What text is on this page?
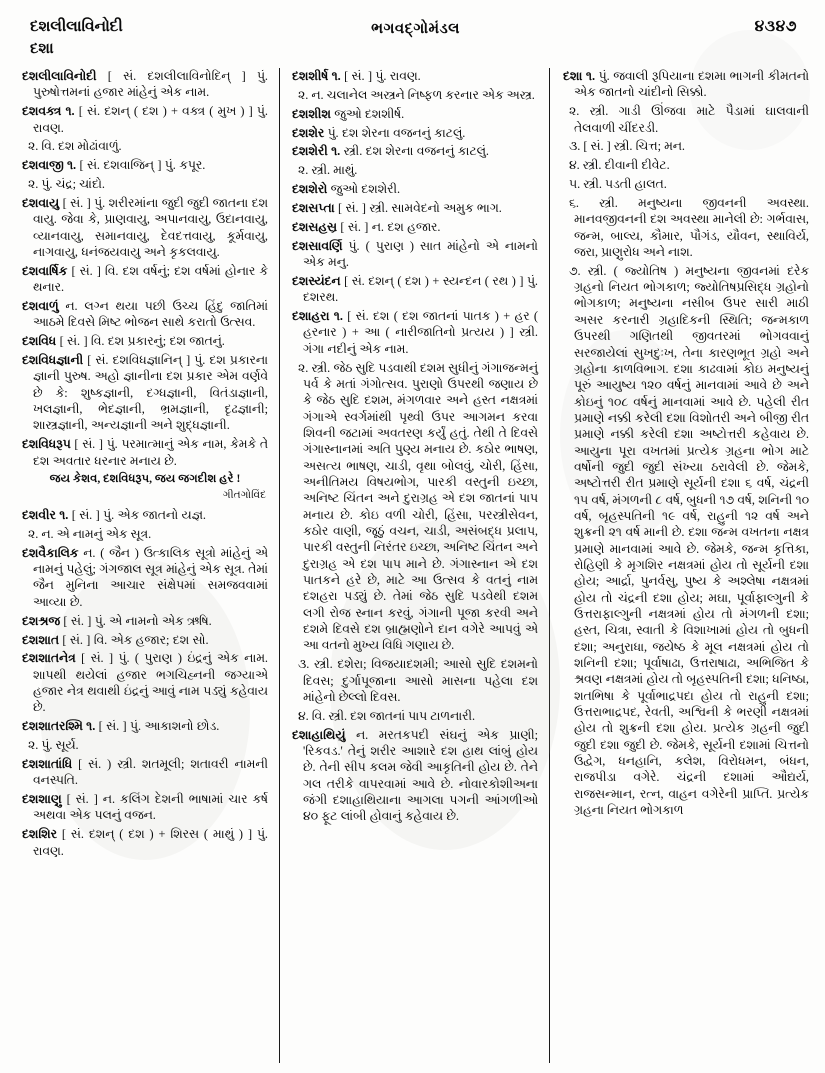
દશલીલાવિનોદી
દશા
ભગવદ્ગોમંડલ	૪૩૪૭

દશલીલાવિનોદી [ સં. દશલીલાવિનોદિન્ ] પું. પુરુષોત્તમનાં હજાર માંહેનું એક નામ.

દશવક્ત્ર ૧. [ સં. દશન્ ( દશ ) + વક્ત્ર ( મુખ ) ] પું. રાવણ.

૨. વિ. દશ મોઢાંવાળું.

દશવાજી ૧. [ સં. દશવાજિન્ ] પું. કપૂર.

૨. પું. ચંદ્ર; ચાંદો.

દશવાયુ [ સં. ] પું. શરીરમાંના જુદી જુદી જાતના દશ વાયુ. જેવા કે, પ્રાણવાયુ, અપાનવાયુ, ઉદાનવાયુ, વ્યાનવાયુ, સમાનવાયુ, દેવદત્તવાયુ, કૂર્મવાયુ, નાગવાયુ, ધનંજયવાયુ અને કૃકલવાયુ.

દશવાર્ષિક [ સં. ] વિ. દશ વર્ષનું; દશ વર્ષમાં હોનાર કે થનાર.

દશવાળું ન. લગ્ન થયા પછી ઉચ્ચ હિંદુ જાતિમાં આઠમે દિવસે મિષ્ટ ભોજન સાથે કરાતો ઉત્સવ.

દશવિધ [ સં. ] વિ. દશ પ્રકારનું; દશ જાતનું.

દશવિધજ્ઞાની [ સં. દશવિધજ્ઞાનિન્ ] પું. દશ પ્રકારના જ્ઞાની પુરુષ. અહો જ્ઞાનીના દશ પ્રકાર એમ વર્ણવે છે કે: શુષ્કજ્ઞાની, દગ્ધજ્ઞાની, વિતંડાજ્ઞાની, ખલજ્ઞાની, ભેદજ્ઞાની, ભ્રમજ્ઞાની, દૃઢજ્ઞાની; શાસ્ત્રજ્ઞાની, અન્યજ્ઞાની અને શુદ્ધજ્ઞાની.

દશવિધરૂપ [ સં. ] પું. પરમાત્માનું એક નામ, કેમકે તે દશ અવતાર ધરનાર મનાય છે.

જય કેશવ, દશવિધરૂપ, જય જગદીશ હરે !

ગીતગોવિંદ

દશવીર ૧. [ સં. ] પું. એક જાતનો યજ્ઞ.

૨. ન. એ નામનું એક સૂત્ર.

દશવૈકાલિક ન. ( જૈન ) ઉત્કાલિક સૂત્રો માંહેનું એ નામનું પહેલું; ગંગજાલ સૂત્ર માંહેનું એક સૂત્ર. તેમાં જૈન મુનિના આચાર સંક્ષેપમાં સમજવવામાં આવ્યા છે.

દશશ્રજ [ સં. ] પું. એ નામનો એક ઋષિ.

દશશાત [ સં. ] વિ. એક હજાર; દશ સો.

દશશાતનેત્ર [ સં. ] પું. ( પુરાણ ) ઇંદ્રનું એક નામ. શાપથી થયેલાં હજાર ભગચિહ્નની જગ્યાએ હજાર નેત્ર થવાથી ઇંદ્રનું આવું નામ પડ્યું કહેવાય છે.

દશશાતરશ્મિ ૧. [ સં. ] પું. આકાશનો છોડ.

૨. પું. સૂર્ય.

દશશાતાંધિ [ સં. ) સ્ત્રી. શતમૂલી; શતાવરી નામની વનસ્પતિ.

દશશાણુ [ સં. ] ન. કલિંગ દેશની ભાષામાં ચાર કર્ષ અથવા એક પલનું વજન.

દશશિર [ સં. દશન્ ( દશ ) + શિરસ ( માથું ) ] પું. રાવણ.

દશશીર્ષ ૧. [ સં. ] પું. રાવણ.

૨. ન. ચલાનેલ અસ્ત્રને નિષ્ફળ કરનાર એક અસ્ત્ર.

દશશીશ જુઓ દશશીર્ષ.

દશશેર પું. દશ શેરના વજનનું કાટલું.

દશશેરી ૧. સ્ત્રી. દશ શેરના વજનનું કાટલું.

૨. સ્ત્રી. માથું.

દશશેરો જુઓ દશશેરી.

દશસપ્તા [ સં. ] સ્ત્રી. સામવેદનો અમુક ભાગ.

દશસહસ્ર [ સં. ] ન. દશ હજાર.

દશસાવર્ણિ પું. ( પુરાણ ) સાત માંહેનો એ નામનો એક મનુ.

દશસ્યંદન [ સં. દશન્ ( દશ ) + સ્યન્દન ( રથ ) ] પું. દશરથ.

દશાહરા ૧. [ સં. દશ ( દશ જાતનાં પાતક ) + હર ( હરનાર ) + આ ( નારીજાતિનો પ્રત્યય ) ] સ્ત્રી. ગંગા નદીનું એક નામ.

૨. સ્ત્રી. જેઠ સુદિ પડવાથી દશમ સુધીનું ગંગાજન્મનું પર્વ કે મતાં ગંગોત્સવ. પુરાણો ઉપરથી જણાય છે કે જેઠ સુદિ દશમ, મંગળવાર અને હસ્ત નક્ષત્રમાં ગંગાએ સ્વર્ગમાંથી પૃથ્વી ઉપર આગમન કરવા શિવની જટામાં અવતરણ કર્યું હતું. તેથી તે દિવસે ગંગાસ્નાનમાં અતિ પુણ્ય મનાય છે. કઠોર ભાષણ, અસત્ય ભાષણ, ચાડી, વૃથા બોલવું, ચોરી, હિંસા, અનીતિમય વિષયભોગ, પારકી વસ્તુની ઇચ્છા, અનિષ્ટ ચિંતન અને દુરાગ્રહ એ દશ જાતનાં પાપ મનાય છે. કોઇ વળી ચોરી, હિંસા, પરસ્ત્રીસેવન, કઠોર વાણી, જૂઠું વચન, ચાડી, અસંબદ્ધ પ્રલાપ, પારકી વસ્તુની નિરંતર ઇચ્છા, અનિષ્ટ ચિંતન અને દુરાગ્રહ એ દશ પાપ માને છે. ગંગાસ્નાન એ દશ પાતકને હરે છે, માટે આ ઉત્સવ કે વતનું નામ દશહરા પડ્યું છે. તેમાં જેઠ સુદિ પડવેથી દશમ લગી રોજ સ્નાન કરવું, ગંગાની પૂજા કરવી અને દશમે દિવસે દશ બ્રાહ્મણોને દાન વગેરે આપવું એ આ વતનો મુખ્ય વિધિ ગણાય છે.

૩. સ્ત્રી. દશેરા; વિજયાદશમી; આસો સુદિ દશમનો દિવસ; દુર્ગાપૂજાના આસો માસના પહેલા દશ માંહેનો છેલ્લો દિવસ.

૪. વિ. સ્ત્રી. દશ જાતનાં પાપ ટાળનારી.

દશાહાથિયું ન. મરતકપદી સંઘનું એક પ્રાણી; 'રિકવડ.' તેનું શરીર આશારે દશ હાથ લાંબું હોય છે. તેની સીપ કલમ જેવી આકૃતિની હોય છે. તેને ગલ તરીકે વાપરવામાં આવે છે. નોવારકોશીઅના જંગી દશાહાથિયાના આગલા પગની આંગળીઓ ૪૦ ફૂટ લાંબી હોવાનું કહેવાય છે.

દશા ૧. પું. જવાલી રૂપિયાના દશમા ભાગની કીમતનો એક જાતનો ચાંદીનો સિક્કો.

૨. સ્ત્રી. ગાડી ઊંજવા માટે પૈડામાં ઘાલવાની તેલવાળી ચીંદરડી.

૩. [ સં. ] સ્ત્રી. ચિત્ત; મન.

૪. સ્ત્રી. દીવાની દીવેટ.

૫. સ્ત્રી. પડતી હાલત.

૬. સ્ત્રી. મનુષ્યના જીવનની અવસ્થા. માનવજીવનની દશ અવસ્થા માનેલી છે: ગર્ભવાસ, જન્મ, બાલ્ય, કૌમાર, પૌગંડ, યૌવન, સ્થાવિર્ય, જરા, પ્રાણુરોધ અને નાશ.

૭. સ્ત્રી. ( જ્યોતિષ ) મનુષ્યના જીવનમાં દરેક ગ્રહનો નિયત ભોગકાળ; જ્યોતિષપ્રસિદ્ધ ગ્રહોનો ભોગકાળ; મનુષ્યના નસીબ ઉપર સારી માઠી અસર કરનારી ગ્રહાદિકની સ્થિતિ; જન્મકાળ ઉપરથી ગણિતથી જીવતરમાં ભોગવવાનું સરજાયેલાં સુખદુઃખ, તેના કારણભૂત ગ્રહો અને ગ્રહોના કાળવિભાગ. દશા કાઢવામાં કોઇ મનુષ્યનું પૂરું આયુષ્ય ૧૨૦ વર્ષનું માનવામાં આવે છે અને કોઇનું ૧૦૮ વર્ષનું માનવામાં આવે છે. પહેલી રીત પ્રમાણે નક્કી કરેલી દશા વિશોતરી અને બીજી રીત પ્રમાણે નક્કી કરેલી દશા અષ્ટોત્તરી કહેવાય છે. આયુના પૂરા વખતમાં પ્રત્યેક ગ્રહના ભોગ માટે વર્ષોની જુદી જુદી સંખ્યા ઠરાવેલી છે. જેમકે, અષ્ટોત્તરી રીત પ્રમાણે સૂર્યની દશા ૬ વર્ષ, ચંદ્રની ૧૫ વર્ષ, મંગળની ૮ વર્ષ, બુધની ૧૭ વર્ષ, શનિની ૧૦ વર્ષ, બૃહસ્પતિની ૧૯ વર્ષ, રાહુની ૧૨ વર્ષ અને શુક્રની ૨૧ વર્ષ માની છે. દશા જન્મ વખતના નક્ષત્ર પ્રમાણે માનવામાં આવે છે. જેમકે, જન્મ કૃત્તિકા, રોહિણી કે મૃગશિર નક્ષત્રમાં હોય તો સૂર્યની દશા હોય; આર્દ્રા, પુનર્વસુ, પુષ્ય કે અશ્લેષા નક્ષત્રમાં હોય તો ચંદ્રની દશા હોય; મઘા, પૂર્વાફાલ્ગુની કે ઉત્તરાફાલ્ગુની નક્ષત્રમાં હોય તો મંગળની દશા; હસ્ત, ચિત્રા, સ્વાતી કે વિશાખામાં હોય તો બુધની દશા; અનુરાધા, જયેષ્ઠ કે મૂલ નક્ષત્રમાં હોય તો શનિની દશા; પૂર્વાષાઢા, ઉત્તરાષાઢા, અભિજિત કે શ્રવણ નક્ષત્રમાં હોય તો બૃહસ્પતિની દશા; ધનિષ્ઠા, શતભિષા કે પૂર્વાભાદ્રપદા હોય તો રાહુની દશા; ઉત્તરાભાદ્રપદ, રેવતી, અશ્વિની કે ભરણી નક્ષત્રમાં હોય તો શુક્રની દશા હોય. પ્રત્યેક ગ્રહની જુદી જુદી દશા જુદી છે. જેમકે, સૂર્યની દશામાં ચિત્તનો ઉદ્વેગ, ધનહાનિ, કલેશ, વિરોધમન, બંધન, રાજપીડા વગેરે. ચંદ્રની દશામાં ઔદ્યર્ય, રાજસન્માન, રત્ન, વાહન વગેરેની પ્રાપ્તિ. પ્રત્યેક ગ્રહના નિયત ભોગકાળ
